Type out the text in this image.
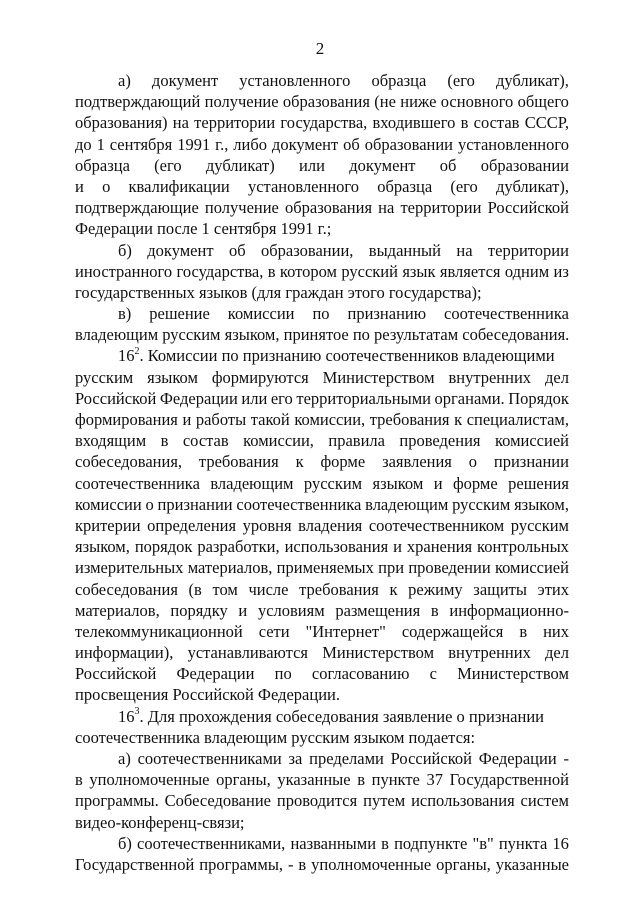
2
а) документ установленного образца (его дубликат),
подтверждающий получение образования (не ниже основного общего
образования) на территории государства, входившего в состав СССР,
до 1 сентября 1991 г., либо документ об образовании установленного
образца (его дубликат) или документ об образовании
и о квалификации установленного образца (его дубликат),
подтверждающие получение образования на территории Российской
Федерации после 1 сентября 1991 г.;
б) документ об образовании, выданный на территории
иностранного государства, в котором русский язык является одним из
государственных языков (для граждан этого государства);
в) решение комиссии по признанию соотечественника
владеющим русским языком, принятое по результатам собеседования.
$16^2$. Комиссии по признанию соотечественников владеющими
русским языком формируются Министерством внутренних дел
Российской Федерации или его территориальными органами. Порядок
формирования и работы такой комиссии, требования к специалистам,
входящим в состав комиссии, правила проведения комиссией
собеседования, требования к форме заявления о признании
соотечественника владеющим русским языком и форме решения
комиссии о признании соотечественника владеющим русским языком,
критерии определения уровня владения соотечественником русским
языком, порядок разработки, использования и хранения контрольных
измерительных материалов, применяемых при проведении комиссией
собеседования (в том числе требования к режиму защиты этих
материалов, порядку и условиям размещения в информационно-
телекоммуникационной сети "Интернет" содержащейся в них
информации), устанавливаются Министерством внутренних дел
Российской Федерации по согласованию с Министерством
просвещения Российской Федерации.
$16^3$. Для прохождения собеседования заявление о признании
соотечественника владеющим русским языком подается:
а) соотечественниками за пределами Российской Федерации -
в уполномоченные органы, указанные в пункте 37 Государственной
программы. Собеседование проводится путем использования систем
видео-конференц-связи;
б) соотечественниками, названными в подпункте "в" пункта 16
Государственной программы, - в уполномоченные органы, указанные
